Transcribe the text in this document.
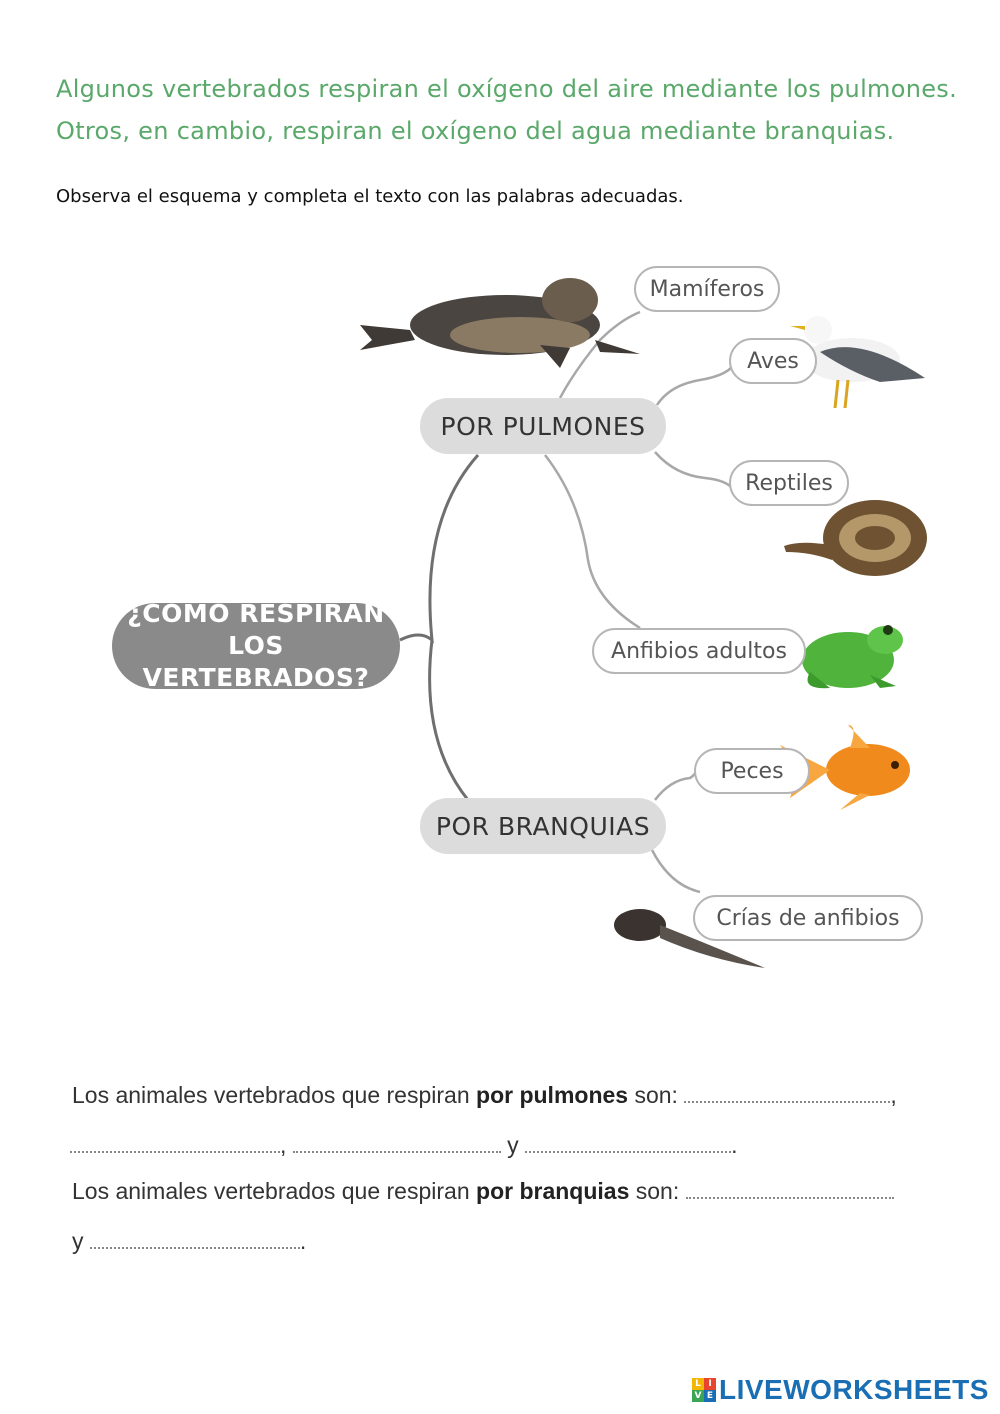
Algunos vertebrados respiran el oxígeno del aire mediante los pulmones.
Otros, en cambio, respiran el oxígeno del agua mediante branquias.
Observa el esquema y completa el texto con las palabras adecuadas.
¿CÓMO RESPIRAN
LOS VERTEBRADOS?
POR PULMONES
POR BRANQUIAS
Mamíferos
Aves
Reptiles
Anfibios adultos
Peces
Crías de anfibios
Los animales vertebrados que respiran por pulmones son:	,
,	y	.
Los animales vertebrados que respiran por branquias son:
y	.
L I
V E LIVEWORKSHEETS
